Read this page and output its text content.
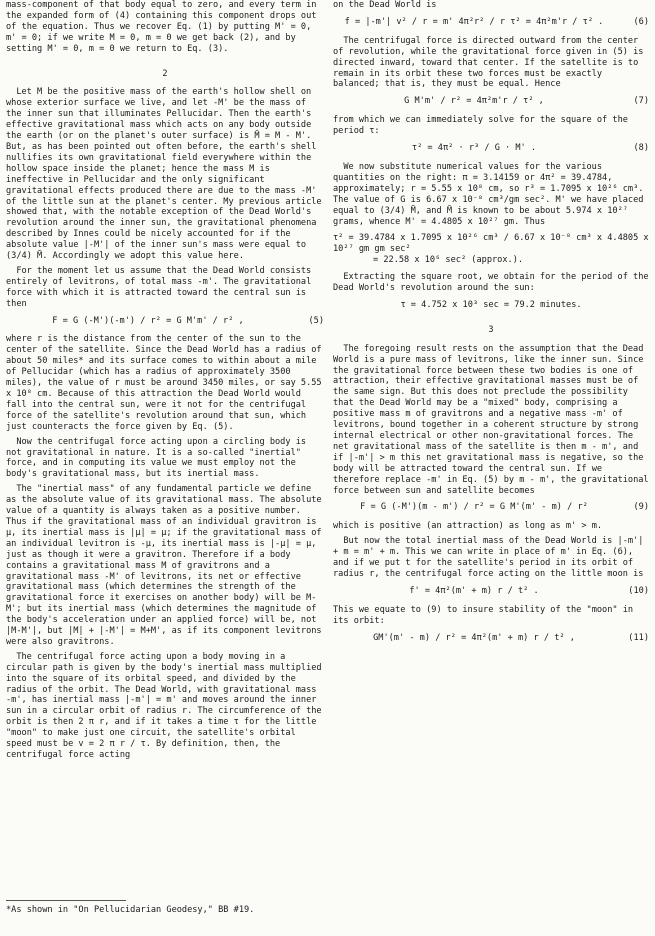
mass-component of that body equal to zero, and every term in the expanded form of (4) containing this component drops out of the equation. Thus we recover Eq. (1) by putting M' = 0, m' = 0; if we write M = 0, m = 0 we get back (2), and by setting M' = 0, m = 0 we return to Eq. (3).

2

Let M be the positive mass of the earth's hollow shell on whose exterior surface we live, and let -M' be the mass of the inner sun that illuminates Pellucidar. Then the earth's effective gravitational mass which acts on any body outside the earth (or on the planet's outer surface) is M̄ = M - M'. But, as has been pointed out often before, the earth's shell nullifies its own gravitational field everywhere within the hollow space inside the planet; hence the mass M is ineffective in Pellucidar and the only significant gravitational effects produced there are due to the mass -M' of the little sun at the planet's center. My previous article showed that, with the notable exception of the Dead World's revolution around the inner sun, the gravitational phenomena described by Innes could be nicely accounted for if the absolute value |-M'| of the inner sun's mass were equal to (3/4) M̄. Accordingly we adopt this value here.

For the moment let us assume that the Dead World consists entirely of levitrons, of total mass -m'. The gravitational force with which it is attracted toward the central sun is then

F = G (-M')(-m') / r² = G M'm' / r² ,	(5)

where r is the distance from the center of the sun to the center of the satellite. Since the Dead World has a radius of about 50 miles* and its surface comes to within about a mile of Pellucidar (which has a radius of approximately 3500 miles), the value of r must be around 3450 miles, or say 5.55 x 10⁸ cm. Because of this attraction the Dead World would fall into the central sun, were it not for the centrifugal force of the satellite's revolution around that sun, which just counteracts the force given by Eq. (5).

Now the centrifugal force acting upon a circling body is not gravitational in nature. It is a so-called "inertial" force, and in computing its value we must employ not the body's gravitational mass, but its inertial mass.

The "inertial mass" of any fundamental particle we define as the absolute value of its gravitational mass. The absolute value of a quantity is always taken as a positive number. Thus if the gravitational mass of an individual gravitron is μ, its inertial mass is |μ| = μ; if the gravitational mass of an individual levitron is -μ, its inertial mass is |-μ| = μ, just as though it were a gravitron. Therefore if a body contains a gravitational mass M of gravitrons and a gravitational mass -M' of levitrons, its net or effective gravitational mass (which determines the strength of the gravitational force it exercises on another body) will be M-M'; but its inertial mass (which determines the magnitude of the body's acceleration under an applied force) will be, not |M-M'|, but |M| + |-M'| = M+M', as if its component levitrons were also gravitrons.

The centrifugal force acting upon a body moving in a circular path is given by the body's inertial mass multiplied into the square of its orbital speed, and divided by the radius of the orbit. The Dead World, with gravitational mass -m', has inertial mass |-m'| = m' and moves around the inner sun in a circular orbit of radius r. The circumference of the orbit is then 2 π r, and if it takes a time τ for the little "moon" to make just one circuit, the satellite's orbital speed must be v = 2 π r / τ. By definition, then, the centrifugal force acting

*As shown in "On Pellucidarian Geodesy," BB #19.

on the Dead World is

f = |-m'| v² / r = m' 4π²r² / r τ² = 4π²m'r / τ² .	(6)

The centrifugal force is directed outward from the center of revolution, while the gravitational force given in (5) is directed inward, toward that center. If the satellite is to remain in its orbit these two forces must be exactly balanced; that is, they must be equal. Hence

G M'm' / r² = 4π²m'r / τ² ,	(7)

from which we can immediately solve for the square of the period τ:

τ² = 4π² · r³ / G · M' .	(8)

We now substitute numerical values for the various quantities on the right: π = 3.14159 or 4π² = 39.4784, approximately; r = 5.55 x 10⁸ cm, so r³ = 1.7095 x 10²⁶ cm³. The value of G is 6.67 x 10⁻⁸ cm³/gm sec². M' we have placed equal to (3/4) M̄, and M̄ is known to be about 5.974 x 10²⁷ grams, whence M' = 4.4805 x 10²⁷ gm. Thus

τ² = 39.4784 x 1.7095 x 10²⁶ cm³ / 6.67 x 10⁻⁸ cm³ x 4.4805 x 10²⁷ gm gm sec²
= 22.58 x 10⁶ sec² (approx.).

Extracting the square root, we obtain for the period of the Dead World's revolution around the sun:

τ = 4.752 x 10³ sec = 79.2 minutes.
3

The foregoing result rests on the assumption that the Dead World is a pure mass of levitrons, like the inner sun. Since the gravitational force between these two bodies is one of attraction, their effective gravitational masses must be of the same sign. But this does not preclude the possibility that the Dead World may be a "mixed" body, comprising a positive mass m of gravitrons and a negative mass -m' of levitrons, bound together in a coherent structure by strong internal electrical or other non-gravitational forces. The net gravitational mass of the satellite is then m - m', and if |-m'| > m this net gravitational mass is negative, so the body will be attracted toward the central sun. If we therefore replace -m' in Eq. (5) by m - m', the gravitational force between sun and satellite becomes

F = G (-M')(m - m') / r² = G M'(m' - m) / r²	(9)

which is positive (an attraction) as long as m' > m.

But now the total inertial mass of the Dead World is |-m'| + m = m' + m. This we can write in place of m' in Eq. (6), and if we put t for the satellite's period in its orbit of radius r, the centrifugal force acting on the little moon is

f' = 4π²(m' + m) r / t² .	(10)

This we equate to (9) to insure stability of the "moon" in its orbit:

GM'(m' - m) / r² = 4π²(m' + m) r / t² ,	(11)
